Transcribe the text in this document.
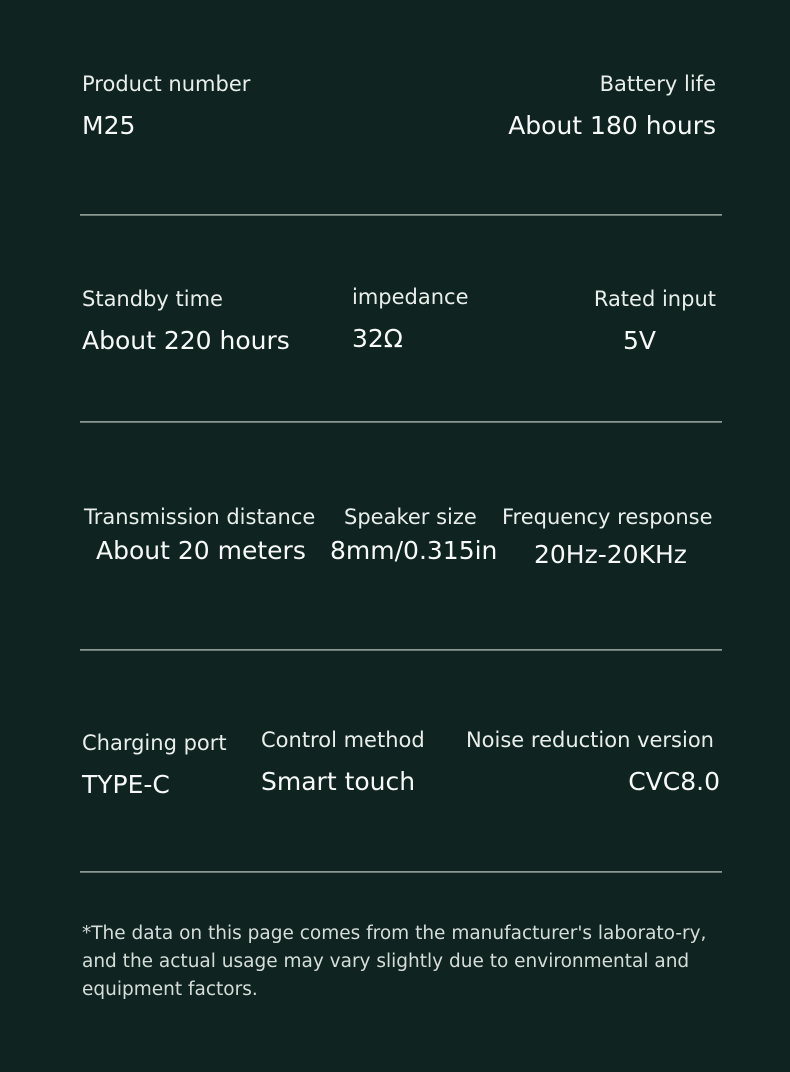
Product number
M25
Battery life
About 180 hours
Standby time
About 220 hours
impedance
32Ω
Rated input
5V
Transmission distance
About 20 meters
Speaker size
8mm/0.315in
Frequency response
20Hz-20KHz
Charging port
TYPE-C
Control method
Smart touch
Noise reduction version
CVC8.0
*The data on this page comes from the manufacturer's laborato-ry, and the actual usage may vary slightly due to environmental and equipment factors.
